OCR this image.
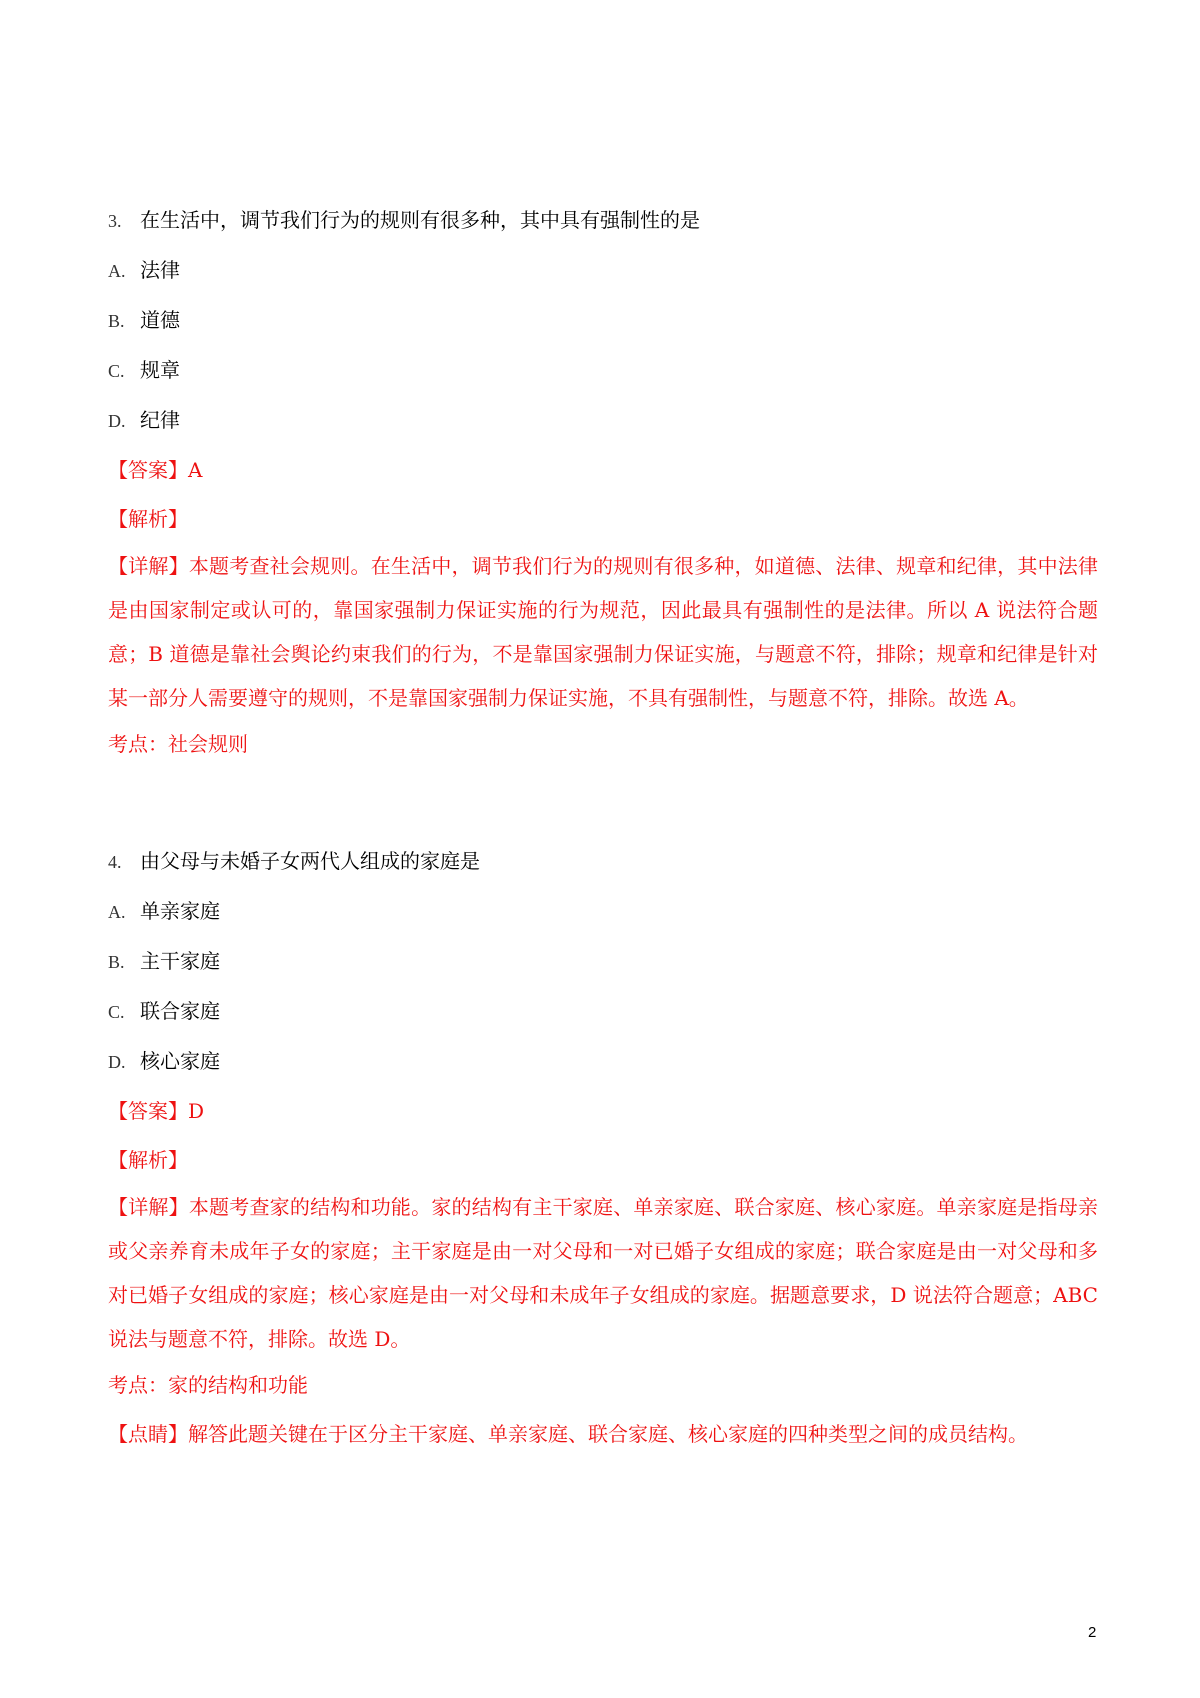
3. 在生活中，调节我们行为的规则有很多种，其中具有强制性的是

A. 法律

B. 道德

C. 规章

D. 纪律

【答案】A

【解析】

【详解】本题考查社会规则。在生活中，调节我们行为的规则有很多种，如道德、法律、规章和纪律，其中法律是由国家制定或认可的，靠国家强制力保证实施的行为规范，因此最具有强制性的是法律。所以 A 说法符合题意；B 道德是靠社会舆论约束我们的行为，不是靠国家强制力保证实施，与题意不符，排除；规章和纪律是针对某一部分人需要遵守的规则，不是靠国家强制力保证实施，不具有强制性，与题意不符，排除。故选 A。

考点：社会规则

4. 由父母与未婚子女两代人组成的家庭是

A. 单亲家庭

B. 主干家庭

C. 联合家庭

D. 核心家庭

【答案】D

【解析】

【详解】本题考查家的结构和功能。家的结构有主干家庭、单亲家庭、联合家庭、核心家庭。单亲家庭是指母亲或父亲养育未成年子女的家庭；主干家庭是由一对父母和一对已婚子女组成的家庭；联合家庭是由一对父母和多对已婚子女组成的家庭；核心家庭是由一对父母和未成年子女组成的家庭。据题意要求，D 说法符合题意；ABC 说法与题意不符，排除。故选 D。

考点：家的结构和功能

【点睛】解答此题关键在于区分主干家庭、单亲家庭、联合家庭、核心家庭的四种类型之间的成员结构。

2
